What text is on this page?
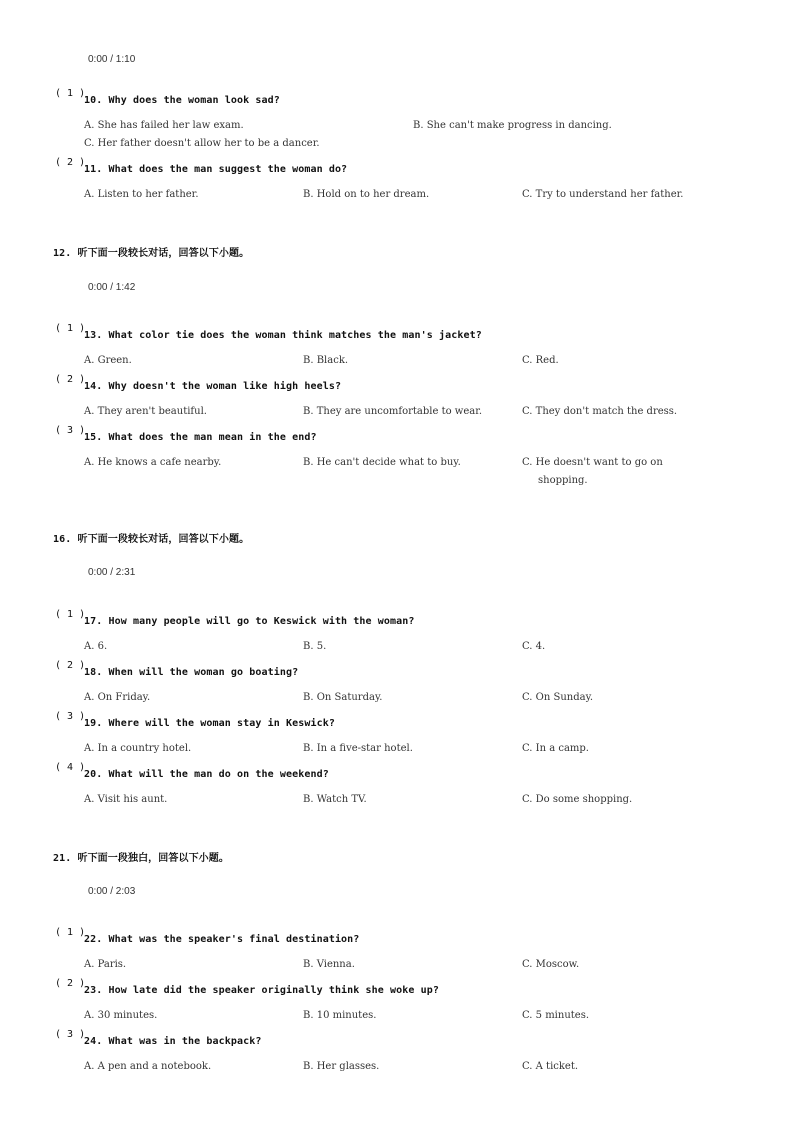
0:00 / 1:10
( 1 )
10. Why does the woman look sad?
A. She has failed her law exam.	B. She can't make progress in dancing.
C. Her father doesn't allow her to be a dancer.
( 2 )
11. What does the man suggest the woman do?
A. Listen to her father.	B. Hold on to her dream.	C. Try to understand her father.
12. 听下面一段较长对话，回答以下小题。
0:00 / 1:42
( 1 )
13. What color tie does the woman think matches the man's jacket?
A. Green.	B. Black.	C. Red.
( 2 )
14. Why doesn't the woman like high heels?
A. They aren't beautiful.	B. They are uncomfortable to wear.	C. They don't match the dress.
( 3 )
15. What does the man mean in the end?
A. He knows a cafe nearby.	B. He can't decide what to buy.	C. He doesn't want to go on
shopping.
16. 听下面一段较长对话，回答以下小题。
0:00 / 2:31
( 1 )
17. How many people will go to Keswick with the woman?
A. 6.	B. 5.	C. 4.
( 2 )
18. When will the woman go boating?
A. On Friday.	B. On Saturday.	C. On Sunday.
( 3 )
19. Where will the woman stay in Keswick?
A. In a country hotel.	B. In a five-star hotel.	C. In a camp.
( 4 )
20. What will the man do on the weekend?
A. Visit his aunt.	B. Watch TV.	C. Do some shopping.
21. 听下面一段独白，回答以下小题。
0:00 / 2:03
( 1 )
22. What was the speaker's final destination?
A. Paris.	B. Vienna.	C. Moscow.
( 2 )
23. How late did the speaker originally think she woke up?
A. 30 minutes.	B. 10 minutes.	C. 5 minutes.
( 3 )
24. What was in the backpack?
A. A pen and a notebook.	B. Her glasses.	C. A ticket.
